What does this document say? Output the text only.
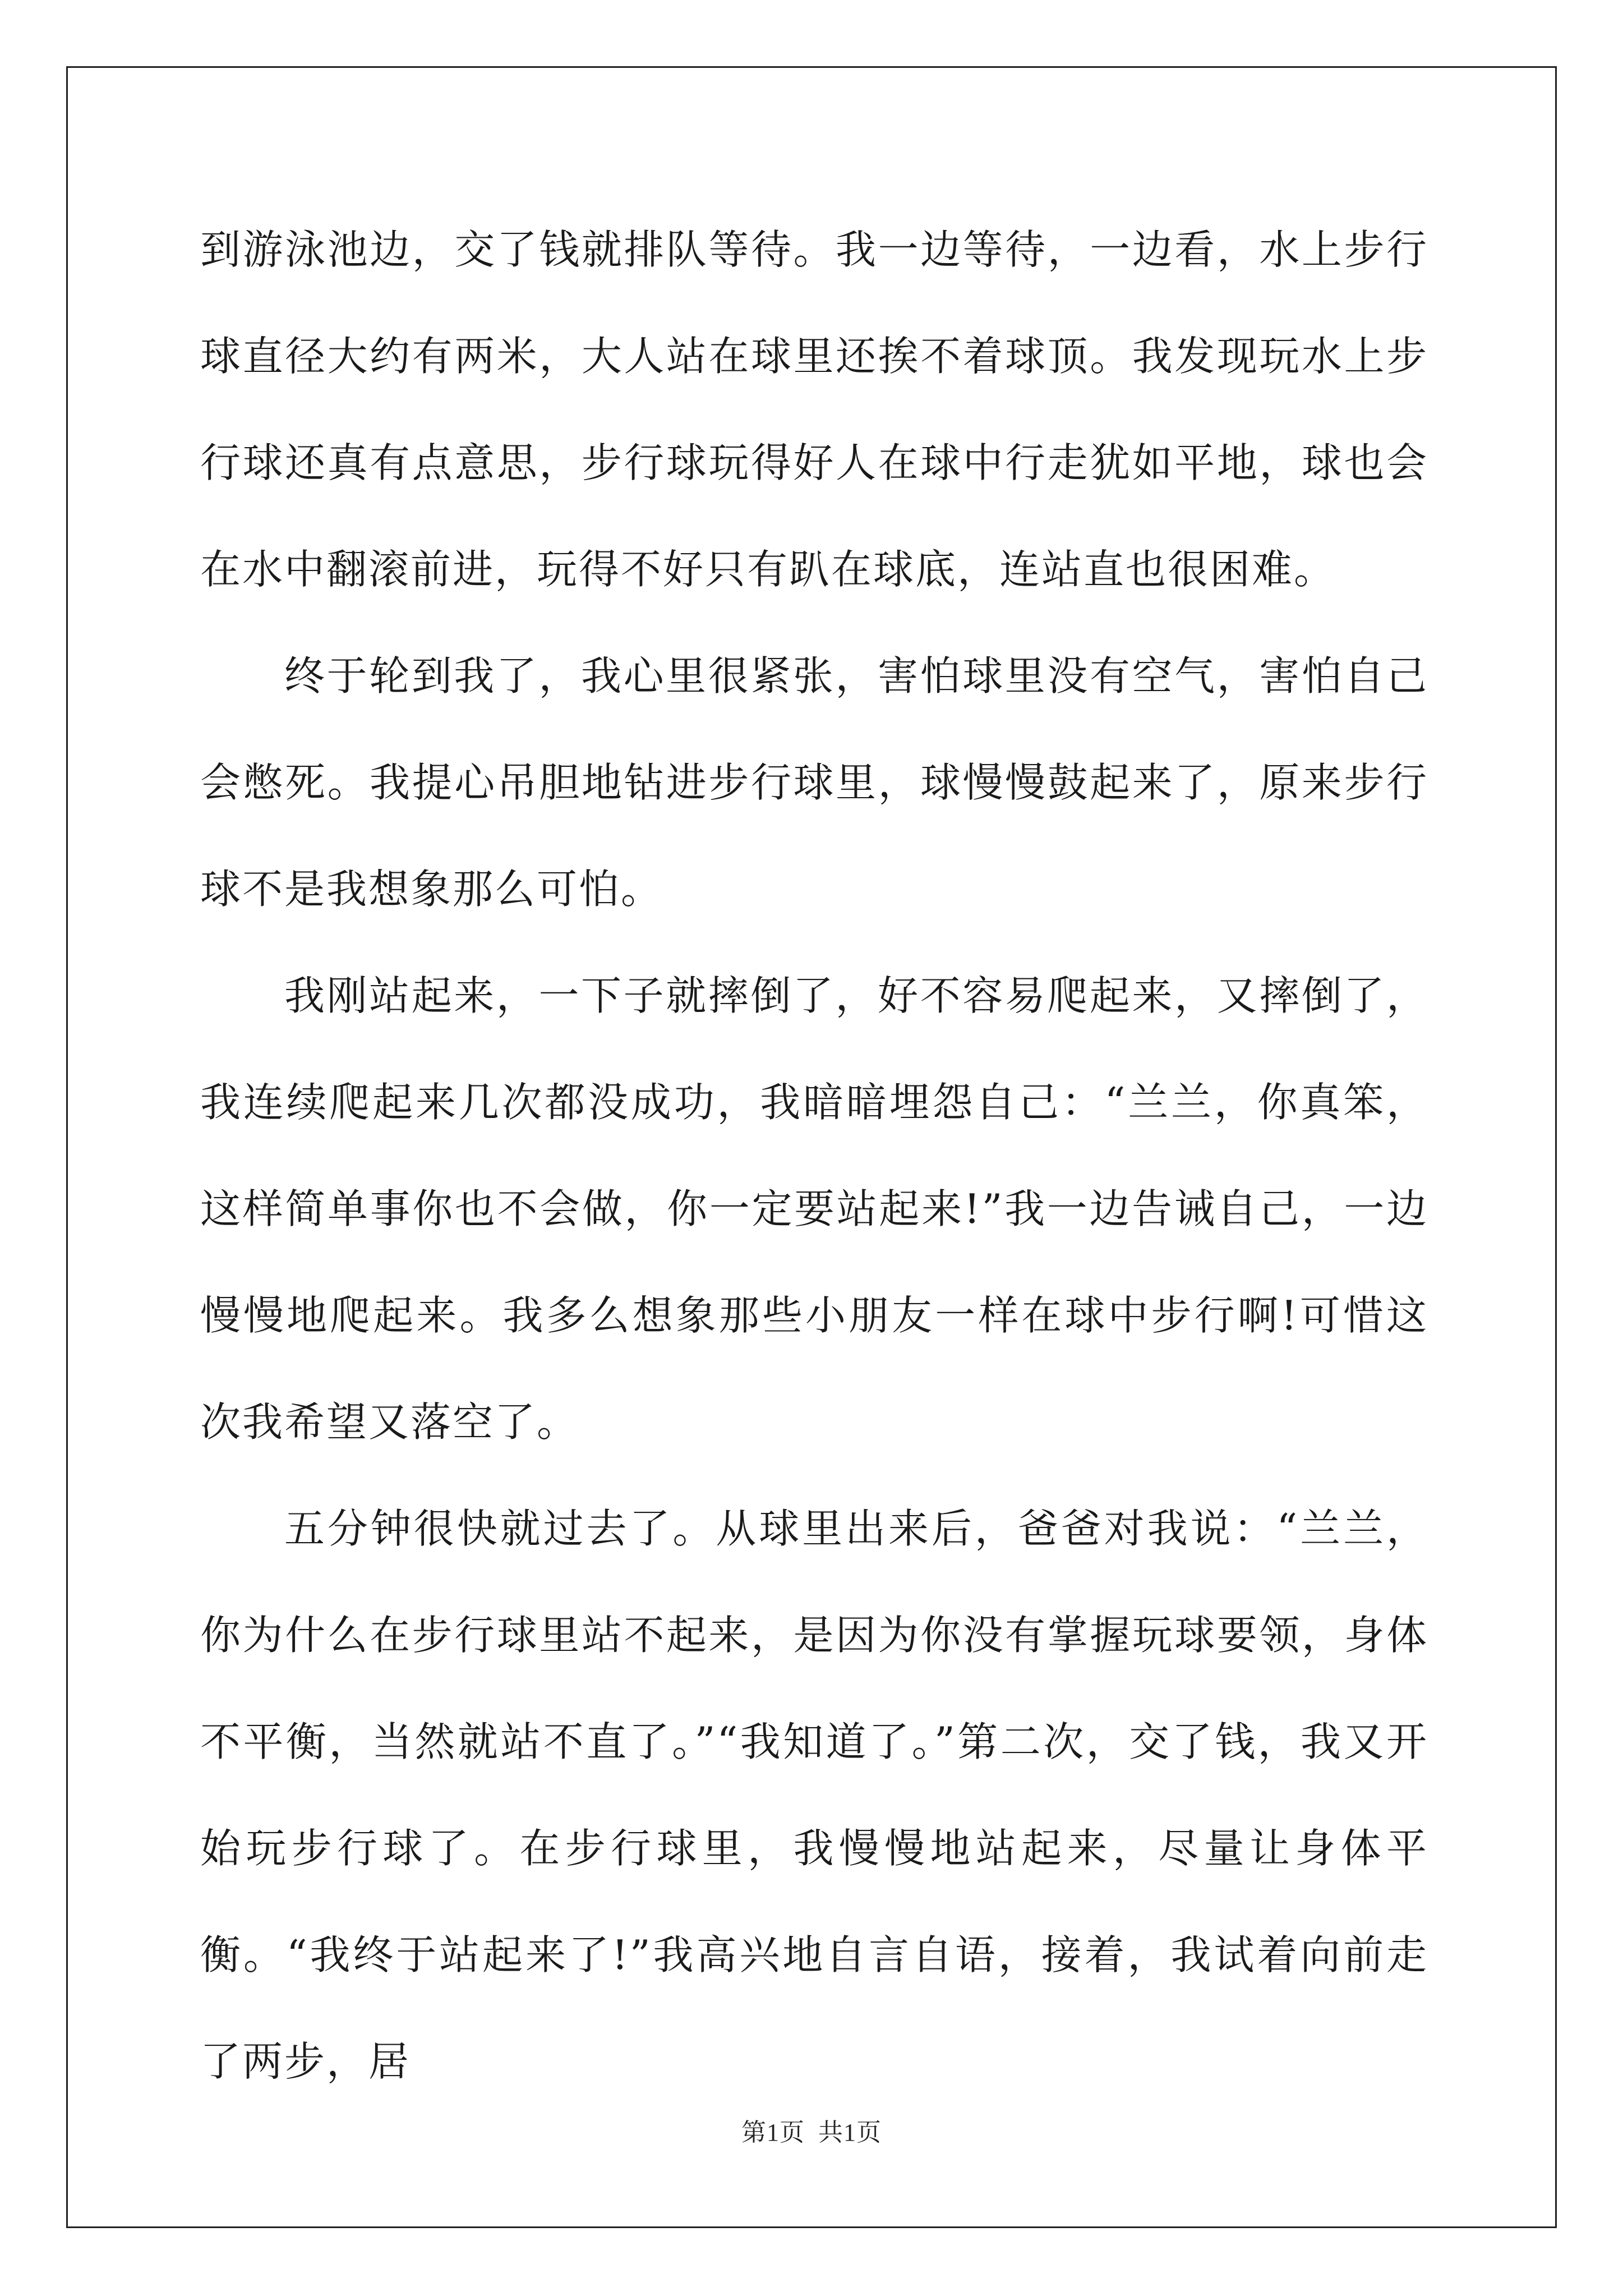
到游泳池边，交了钱就排队等待。我一边等待，一边看，水上步行球直径大约有两米，大人站在球里还挨不着球顶。我发现玩水上步行球还真有点意思，步行球玩得好人在球中行走犹如平地，球也会在水中翻滚前进，玩得不好只有趴在球底，连站直也很困难。

终于轮到我了，我心里很紧张，害怕球里没有空气，害怕自己会憋死。我提心吊胆地钻进步行球里，球慢慢鼓起来了，原来步行球不是我想象那么可怕。

我刚站起来，一下子就摔倒了，好不容易爬起来，又摔倒了，我连续爬起来几次都没成功，我暗暗埋怨自己：“兰兰，你真笨，这样简单事你也不会做，你一定要站起来!”我一边告诫自己，一边慢慢地爬起来。我多么想象那些小朋友一样在球中步行啊!可惜这次我希望又落空了。

五分钟很快就过去了。从球里出来后，爸爸对我说：“兰兰，你为什么在步行球里站不起来，是因为你没有掌握玩球要领，身体不平衡，当然就站不直了。”“我知道了。”第二次，交了钱，我又开始玩步行球了。在步行球里，我慢慢地站起来，尽量让身体平衡。“我终于站起来了!”我高兴地自言自语，接着，我试着向前走了两步，居

第1页  共1页
